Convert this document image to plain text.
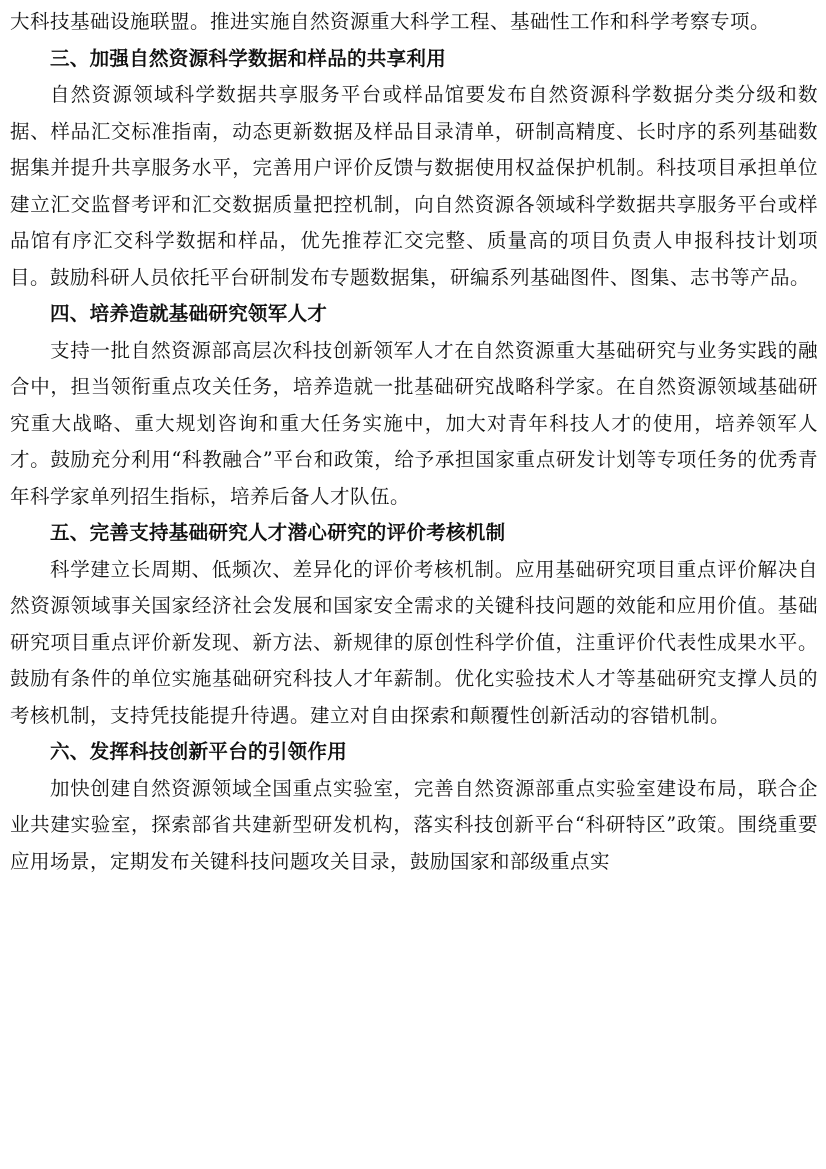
大科技基础设施联盟。推进实施自然资源重大科学工程、基础性工作和科学考察专项。

三、加强自然资源科学数据和样品的共享利用

自然资源领域科学数据共享服务平台或样品馆要发布自然资源科学数据分类分级和数据、样品汇交标准指南，动态更新数据及样品目录清单，研制高精度、长时序的系列基础数据集并提升共享服务水平，完善用户评价反馈与数据使用权益保护机制。科技项目承担单位建立汇交监督考评和汇交数据质量把控机制，向自然资源各领域科学数据共享服务平台或样品馆有序汇交科学数据和样品，优先推荐汇交完整、质量高的项目负责人申报科技计划项目。鼓励科研人员依托平台研制发布专题数据集，研编系列基础图件、图集、志书等产品。

四、培养造就基础研究领军人才

支持一批自然资源部高层次科技创新领军人才在自然资源重大基础研究与业务实践的融合中，担当领衔重点攻关任务，培养造就一批基础研究战略科学家。在自然资源领域基础研究重大战略、重大规划咨询和重大任务实施中，加大对青年科技人才的使用，培养领军人才。鼓励充分利用“科教融合”平台和政策，给予承担国家重点研发计划等专项任务的优秀青年科学家单列招生指标，培养后备人才队伍。

五、完善支持基础研究人才潜心研究的评价考核机制

科学建立长周期、低频次、差异化的评价考核机制。应用基础研究项目重点评价解决自然资源领域事关国家经济社会发展和国家安全需求的关键科技问题的效能和应用价值。基础研究项目重点评价新发现、新方法、新规律的原创性科学价值，注重评价代表性成果水平。鼓励有条件的单位实施基础研究科技人才年薪制。优化实验技术人才等基础研究支撑人员的考核机制，支持凭技能提升待遇。建立对自由探索和颠覆性创新活动的容错机制。

六、发挥科技创新平台的引领作用

加快创建自然资源领域全国重点实验室，完善自然资源部重点实验室建设布局，联合企业共建实验室，探索部省共建新型研发机构，落实科技创新平台“科研特区”政策。围绕重要应用场景，定期发布关键科技问题攻关目录，鼓励国家和部级重点实
